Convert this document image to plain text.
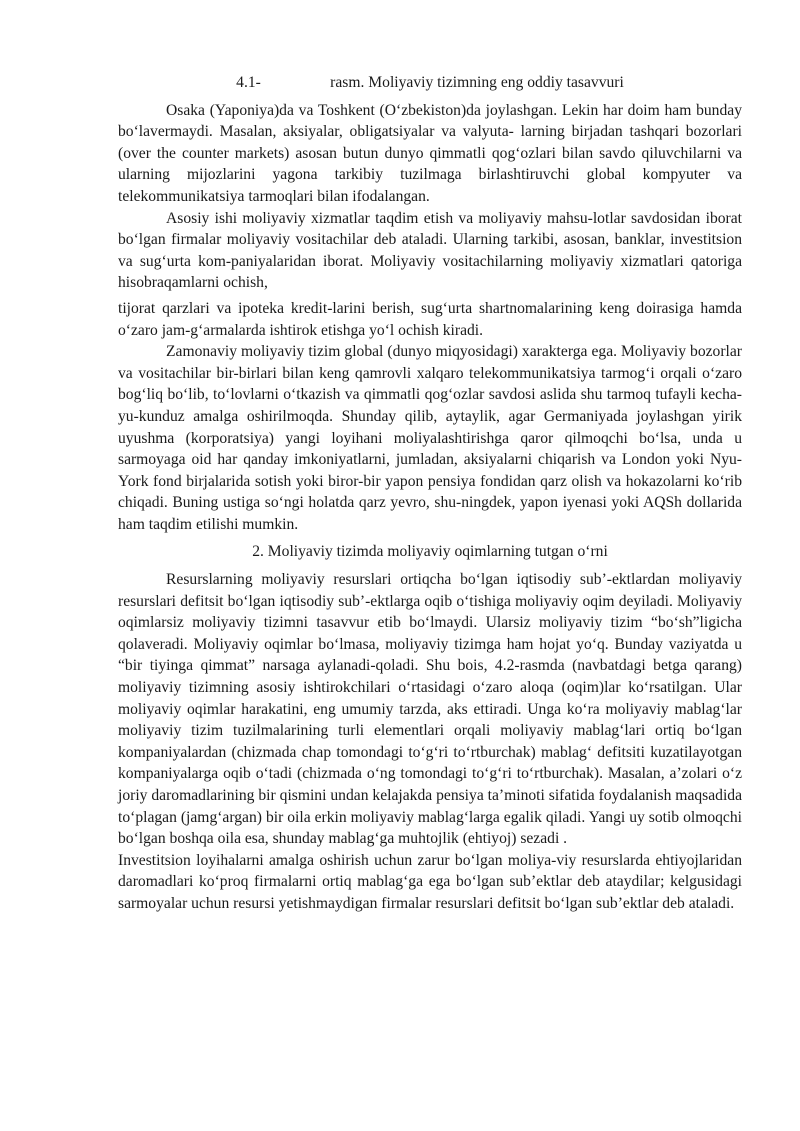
4.1-	rasm. Moliyaviy tizimning eng oddiy tasavvuri

Osaka (Yaponiya)da va Toshkent (O‘zbekiston)da joylashgan. Lekin har doim ham bunday bo‘lavermaydi. Masalan, aksiyalar, obligatsiyalar va valyuta- larning birjadan tashqari bozorlari (over the counter markets) asosan butun dunyo qimmatli qog‘ozlari bilan savdo qiluvchilarni va ularning mijozlarini yagona tarkibiy tuzilmaga birlashtiruvchi global kompyuter va telekommunikatsiya tarmoqlari bilan ifodalangan.

Asosiy ishi moliyaviy xizmatlar taqdim etish va moliyaviy mahsu-lotlar savdosidan iborat bo‘lgan firmalar moliyaviy vositachilar deb ataladi. Ularning tarkibi, asosan, banklar, investitsion va sug‘urta kom-paniyalaridan iborat. Moliyaviy vositachilarning moliyaviy xizmatlari qatoriga hisobraqamlarni ochish,

tijorat qarzlari va ipoteka kredit-larini berish, sug‘urta shartnomalarining keng doirasiga hamda o‘zaro jam-g‘armalarda ishtirok etishga yo‘l ochish kiradi.

Zamonaviy moliyaviy tizim global (dunyo miqyosidagi) xarakterga ega. Moliyaviy bozorlar va vositachilar bir-birlari bilan keng qamrovli xalqaro telekommunikatsiya tarmog‘i orqali o‘zaro bog‘liq bo‘lib, to‘lovlarni o‘tkazish va qimmatli qog‘ozlar savdosi aslida shu tarmoq tufayli kecha-yu-kunduz amalga oshirilmoqda. Shunday qilib, aytaylik, agar Germaniyada joylashgan yirik uyushma (korporatsiya) yangi loyihani moliyalashtirishga qaror qilmoqchi bo‘lsa, unda u sarmoyaga oid har qanday imkoniyatlarni, jumladan, aksiyalarni chiqarish va London yoki Nyu-York fond birjalarida sotish yoki biror-bir yapon pensiya fondidan qarz olish va hokazolarni ko‘rib chiqadi. Buning ustiga so‘ngi holatda qarz yevro, shu-ningdek, yapon iyenasi yoki AQSh dollarida ham taqdim etilishi mumkin.

2. Moliyaviy tizimda moliyaviy oqimlarning tutgan o‘rni

Resurslarning moliyaviy resurslari ortiqcha bo‘lgan iqtisodiy sub’-ektlardan moliyaviy resurslari defitsit bo‘lgan iqtisodiy sub’-ektlarga oqib o‘tishiga moliyaviy oqim deyiladi. Moliyaviy oqimlarsiz moliyaviy tizimni tasavvur etib bo‘lmaydi. Ularsiz moliyaviy tizim “bo‘sh”ligicha qolaveradi. Moliyaviy oqimlar bo‘lmasa, moliyaviy tizimga ham hojat yo‘q. Bunday vaziyatda u “bir tiyinga qimmat” narsaga aylanadi-qoladi. Shu bois, 4.2-rasmda (navbatdagi betga qarang) moliyaviy tizimning asosiy ishtirokchilari o‘rtasidagi o‘zaro aloqa (oqim)lar ko‘rsatilgan. Ular moliyaviy oqimlar harakatini, eng umumiy tarzda, aks ettiradi. Unga ko‘ra moliyaviy mablag‘lar moliyaviy tizim tuzilmalarining turli elementlari orqali moliyaviy mablag‘lari ortiq bo‘lgan kompaniyalardan (chizmada chap tomondagi to‘g‘ri to‘rtburchak) mablag‘ defitsiti kuzatilayotgan kompaniyalarga oqib o‘tadi (chizmada o‘ng tomondagi to‘g‘ri to‘rtburchak). Masalan, a’zolari o‘z joriy daromadlarining bir qismini undan kelajakda pensiya ta’minoti sifatida foydalanish maqsadida to‘plagan (jamg‘argan) bir oila erkin moliyaviy mablag‘larga egalik qiladi. Yangi uy sotib olmoqchi bo‘lgan boshqa oila esa, shunday mablag‘ga muhtojlik (ehtiyoj) sezadi .

Investitsion loyihalarni amalga oshirish uchun zarur bo‘lgan moliya-viy resurslarda ehtiyojlaridan daromadlari ko‘proq firmalarni ortiq mablag‘ga ega bo‘lgan sub’ektlar deb ataydilar; kelgusidagi sarmoyalar uchun resursi yetishmaydigan firmalar resurslari defitsit bo‘lgan sub’ektlar deb ataladi.
